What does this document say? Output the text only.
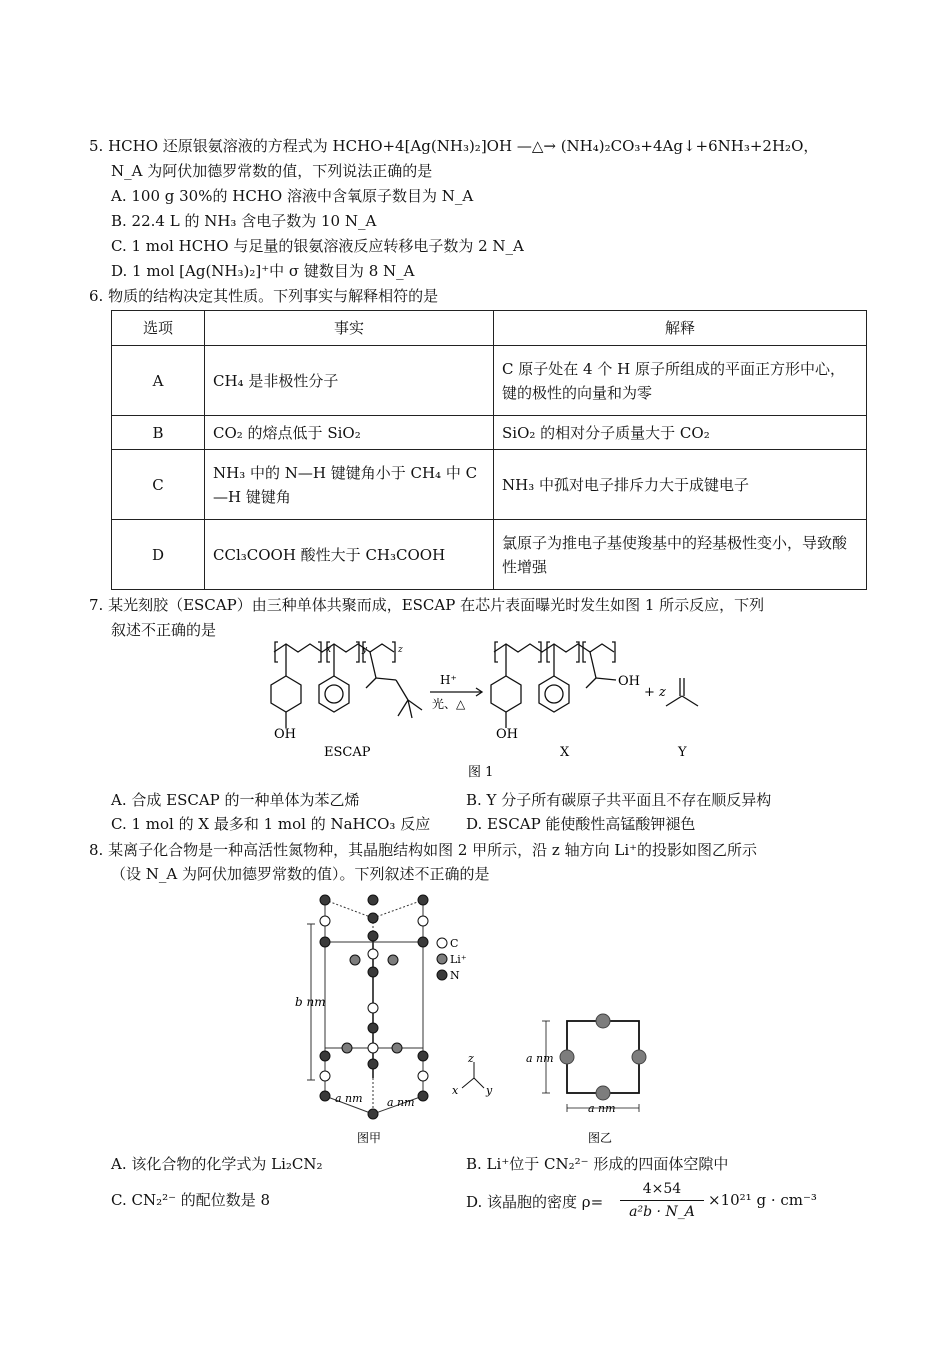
5. HCHO 还原银氨溶液的方程式为 HCHO+4[Ag(NH₃)₂]OH —△→ (NH₄)₂CO₃+4Ag↓+6NH₃+2H₂O，
N_A 为阿伏加德罗常数的值，下列说法正确的是
A. 100 g 30%的 HCHO 溶液中含氧原子数目为 N_A
B. 22.4 L 的 NH₃ 含电子数为 10 N_A
C. 1 mol HCHO 与足量的银氨溶液反应转移电子数为 2 N_A
D. 1 mol [Ag(NH₃)₂]⁺中 σ 键数目为 8 N_A
6. 物质的结构决定其性质。下列事实与解释相符的是
选项	事实	解释
A	CH₄ 是非极性分子	C 原子处在 4 个 H 原子所组成的平面正方形中心，键的极性的向量和为零
B	CO₂ 的熔点低于 SiO₂	SiO₂ 的相对分子质量大于 CO₂
C	NH₃ 中的 N—H 键键角小于 CH₄ 中 C—H 键键角	NH₃ 中孤对电子排斥力大于成键电子
D	CCl₃COOH 酸性大于 CH₃COOH	氯原子为推电子基使羧基中的羟基极性变小，导致酸性增强
7. 某光刻胶（ESCAP）由三种单体共聚而成，ESCAP 在芯片表面曝光时发生如图 1 所示反应，下列
叙述不正确的是
OH
H⁺
光、△
OH
OH
+ z
ESCAP	X	Y
x	y	z
图 1
A. 合成 ESCAP 的一种单体为苯乙烯	B. Y 分子所有碳原子共平面且不存在顺反异构
C. 1 mol 的 X 最多和 1 mol 的 NaHCO₃ 反应 D. ESCAP 能使酸性高锰酸钾褪色
8. 某离子化合物是一种高活性氮物种，其晶胞结构如图 2 甲所示，沿 z 轴方向 Li⁺的投影如图乙所示
（设 N_A 为阿伏加德罗常数的值）。下列叙述不正确的是
b nm
a nm a nm
图甲
C
Li⁺
N
z
x	y
a nm
a nm
图乙
A. 该化合物的化学式为 Li₂CN₂	B. Li⁺位于 CN₂²⁻ 形成的四面体空隙中
C. CN₂²⁻ 的配位数是 8	D. 该晶胞的密度 $\rho= \frac{4\times 54}{\text{a²b · N\_A}} \times 10^{21}$ g · cm⁻³
